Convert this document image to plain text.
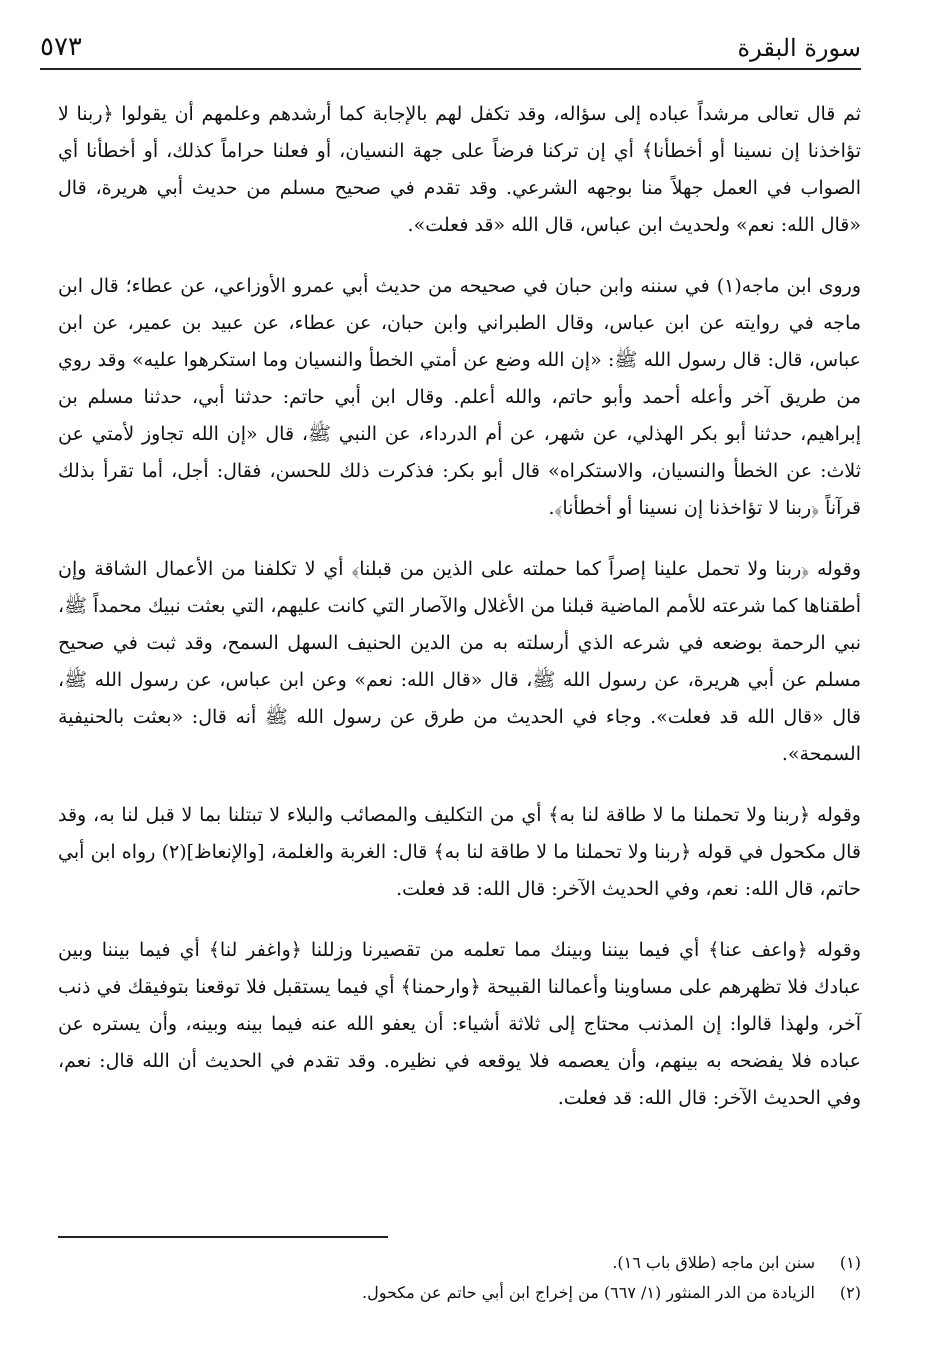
سورة البقرة
٥٧٣

ثم قال تعالى مرشداً عباده إلى سؤاله، وقد تكفل لهم بالإجابة كما أرشدهم وعلمهم أن يقولوا ﴿ربنا لا تؤاخذنا إن نسينا أو أخطأنا﴾ أي إن تركنا فرضاً على جهة النسيان، أو فعلنا حراماً كذلك، أو أخطأنا أي الصواب في العمل جهلاً منا بوجهه الشرعي. وقد تقدم في صحيح مسلم من حديث أبي هريرة، قال «قال الله: نعم» ولحديث ابن عباس، قال الله «قد فعلت».

وروى ابن ماجه(١) في سننه وابن حبان في صحيحه من حديث أبي عمرو الأوزاعي، عن عطاء؛ قال ابن ماجه في روايته عن ابن عباس، وقال الطبراني وابن حبان، عن عطاء، عن عبيد بن عمير، عن ابن عباس، قال: قال رسول الله ﷺ: «إن الله وضع عن أمتي الخطأ والنسيان وما استكرهوا عليه» وقد روي من طريق آخر وأعله أحمد وأبو حاتم، والله أعلم. وقال ابن أبي حاتم: حدثنا أبي، حدثنا مسلم بن إبراهيم، حدثنا أبو بكر الهذلي، عن شهر، عن أم الدرداء، عن النبي ﷺ، قال «إن الله تجاوز لأمتي عن ثلاث: عن الخطأ والنسيان، والاستكراه» قال أبو بكر: فذكرت ذلك للحسن، فقال: أجل، أما تقرأ بذلك قرآناً ﴿ربنا لا تؤاخذنا إن نسينا أو أخطأنا﴾.

وقوله ﴿ربنا ولا تحمل علينا إصراً كما حملته على الذين من قبلنا﴾ أي لا تكلفنا من الأعمال الشاقة وإن أطقناها كما شرعته للأمم الماضية قبلنا من الأغلال والآصار التي كانت عليهم، التي بعثت نبيك محمداً ﷺ، نبي الرحمة بوضعه في شرعه الذي أرسلته به من الدين الحنيف السهل السمح، وقد ثبت في صحيح مسلم عن أبي هريرة، عن رسول الله ﷺ، قال «قال الله: نعم» وعن ابن عباس، عن رسول الله ﷺ، قال «قال الله قد فعلت». وجاء في الحديث من طرق عن رسول الله ﷺ أنه قال: «بعثت بالحنيفية السمحة».

وقوله ﴿ربنا ولا تحملنا ما لا طاقة لنا به﴾ أي من التكليف والمصائب والبلاء لا تبتلنا بما لا قبل لنا به، وقد قال مكحول في قوله ﴿ربنا ولا تحملنا ما لا طاقة لنا به﴾ قال: الغربة والغلمة، [والإنعاظ](٢) رواه ابن أبي حاتم، قال الله: نعم، وفي الحديث الآخر: قال الله: قد فعلت.

وقوله ﴿واعف عنا﴾ أي فيما بيننا وبينك مما تعلمه من تقصيرنا وزللنا ﴿واغفر لنا﴾ أي فيما بيننا وبين عبادك فلا تظهرهم على مساوينا وأعمالنا القبيحة ﴿وارحمنا﴾ أي فيما يستقبل فلا توقعنا بتوفيقك في ذنب آخر، ولهذا قالوا: إن المذنب محتاج إلى ثلاثة أشياء: أن يعفو الله عنه فيما بينه وبينه، وأن يستره عن عباده فلا يفضحه به بينهم، وأن يعصمه فلا يوقعه في نظيره. وقد تقدم في الحديث أن الله قال: نعم، وفي الحديث الآخر: قال الله: قد فعلت.

(١)
سنن ابن ماجه (طلاق باب ١٦).
(٢)
الزيادة من الدر المنثور (١/ ٦٦٧) من إخراج ابن أبي حاتم عن مكحول.
